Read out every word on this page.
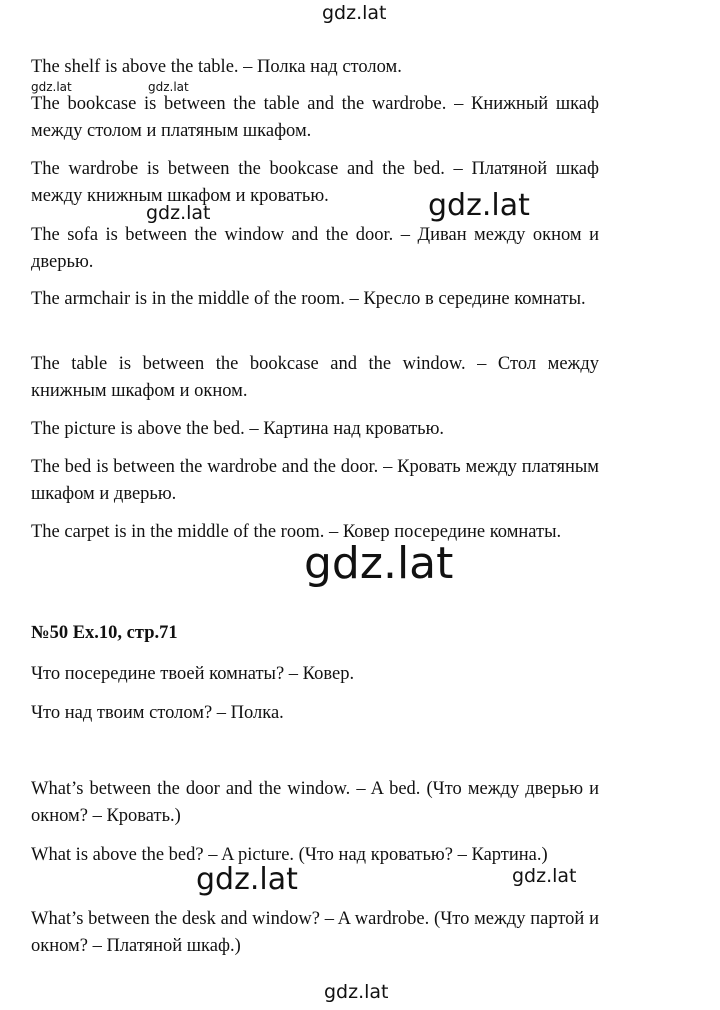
gdz.lat
gdz.lat	gdz.lat
gdz.lat
gdz.lat
gdz.lat
gdz.lat	gdz.lat
gdz.lat

The shelf is above the table. – Полка над столом.

The bookcase is between the table and the wardrobe. – Книжный шкаф между столом и платяным шкафом.

The wardrobe is between the bookcase and the bed. – Платяной шкаф между книжным шкафом и кроватью.

The sofa is between the window and the door. – Диван между окном и дверью.

The armchair is in the middle of the room. – Кресло в середине комнаты.

The table is between the bookcase and the window. – Стол между книжным шкафом и окном.

The picture is above the bed. – Картина над кроватью.

The bed is between the wardrobe and the door. – Кровать между платяным шкафом и дверью.

The carpet is in the middle of the room. – Ковер посередине комнаты.

№50 Ex.10, стр.71

Что посередине твоей комнаты? – Ковер.

Что над твоим столом? – Полка.

What’s between the door and the window. – A bed. (Что между дверью и окном? – Кровать.)

What is above the bed? – A picture. (Что над кроватью? – Картина.)

What’s between the desk and window? – A wardrobe. (Что между партой и окном? – Платяной шкаф.)
